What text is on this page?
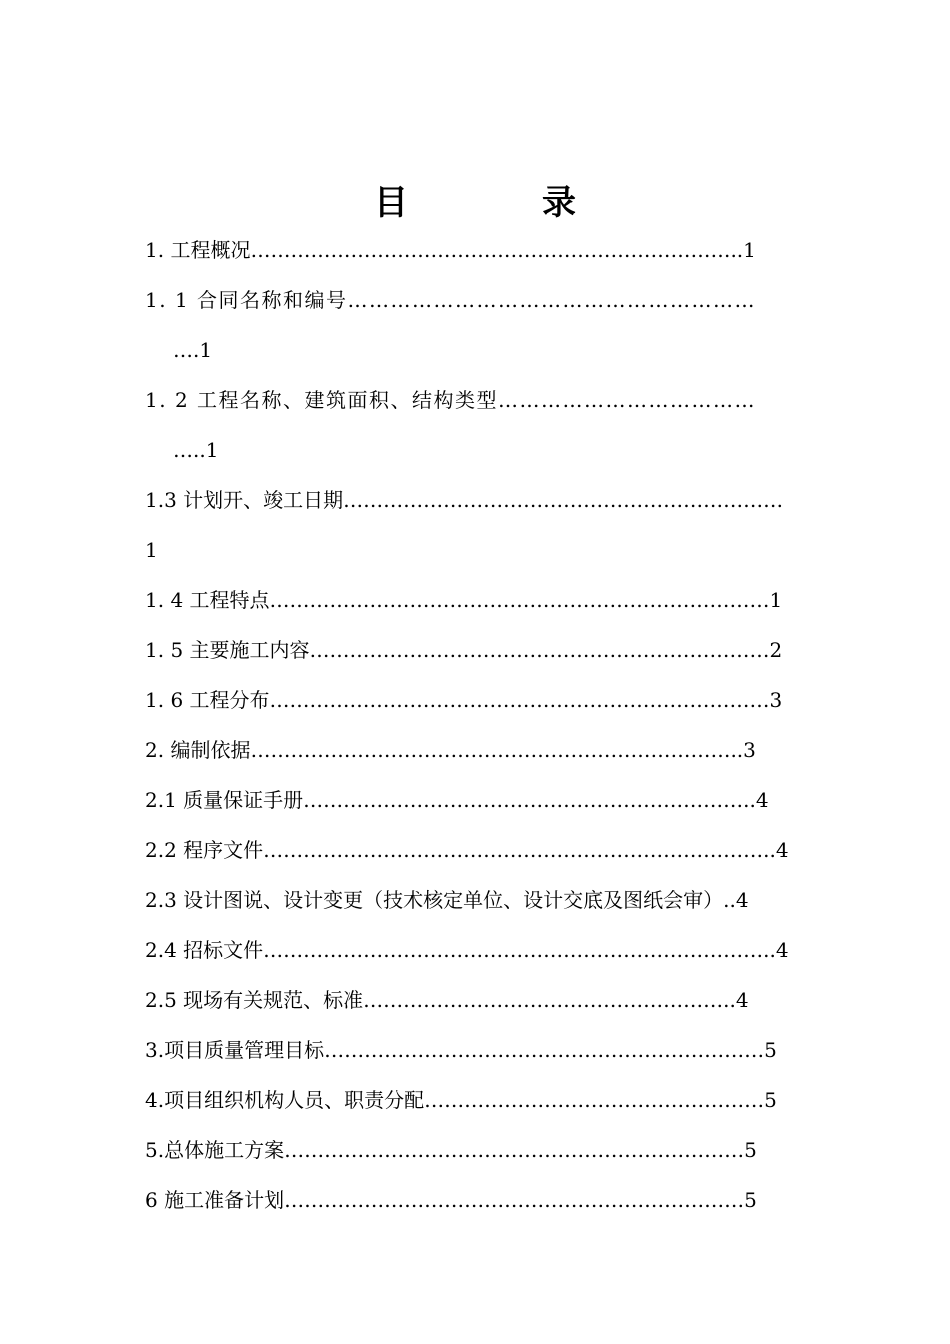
目　录
1. 工程概况………………………………………………………………..1
1. 1 合同名称和编号…………………………………………………
….1
1. 2 工程名称、建筑面积、结构类型………………………………
…..1
1.3 计划开、竣工日期…………………………………………………………
1
1. 4 工程特点…………………………………………………………………1
1. 5 主要施工内容……………………………………………………………2
1. 6 工程分布…………………………………………………………………3
2. 编制依据………………………………………………………………..3
2.1 质量保证手册…………………………………………………………..4
2.2 程序文件…………………………………………………………………..4
2.3 设计图说、设计变更（技术核定单位、设计交底及图纸会审）..4
2.4 招标文件…………………………………………………………………..4
2.5 现场有关规范、标准………………………………………………..4
3.项目质量管理目标…………………………………………………………5
4.项目组织机构人员、职责分配……………………………………………5
5.总体施工方案……………………………………………………………5
6 施工准备计划……………………………………………………………5
